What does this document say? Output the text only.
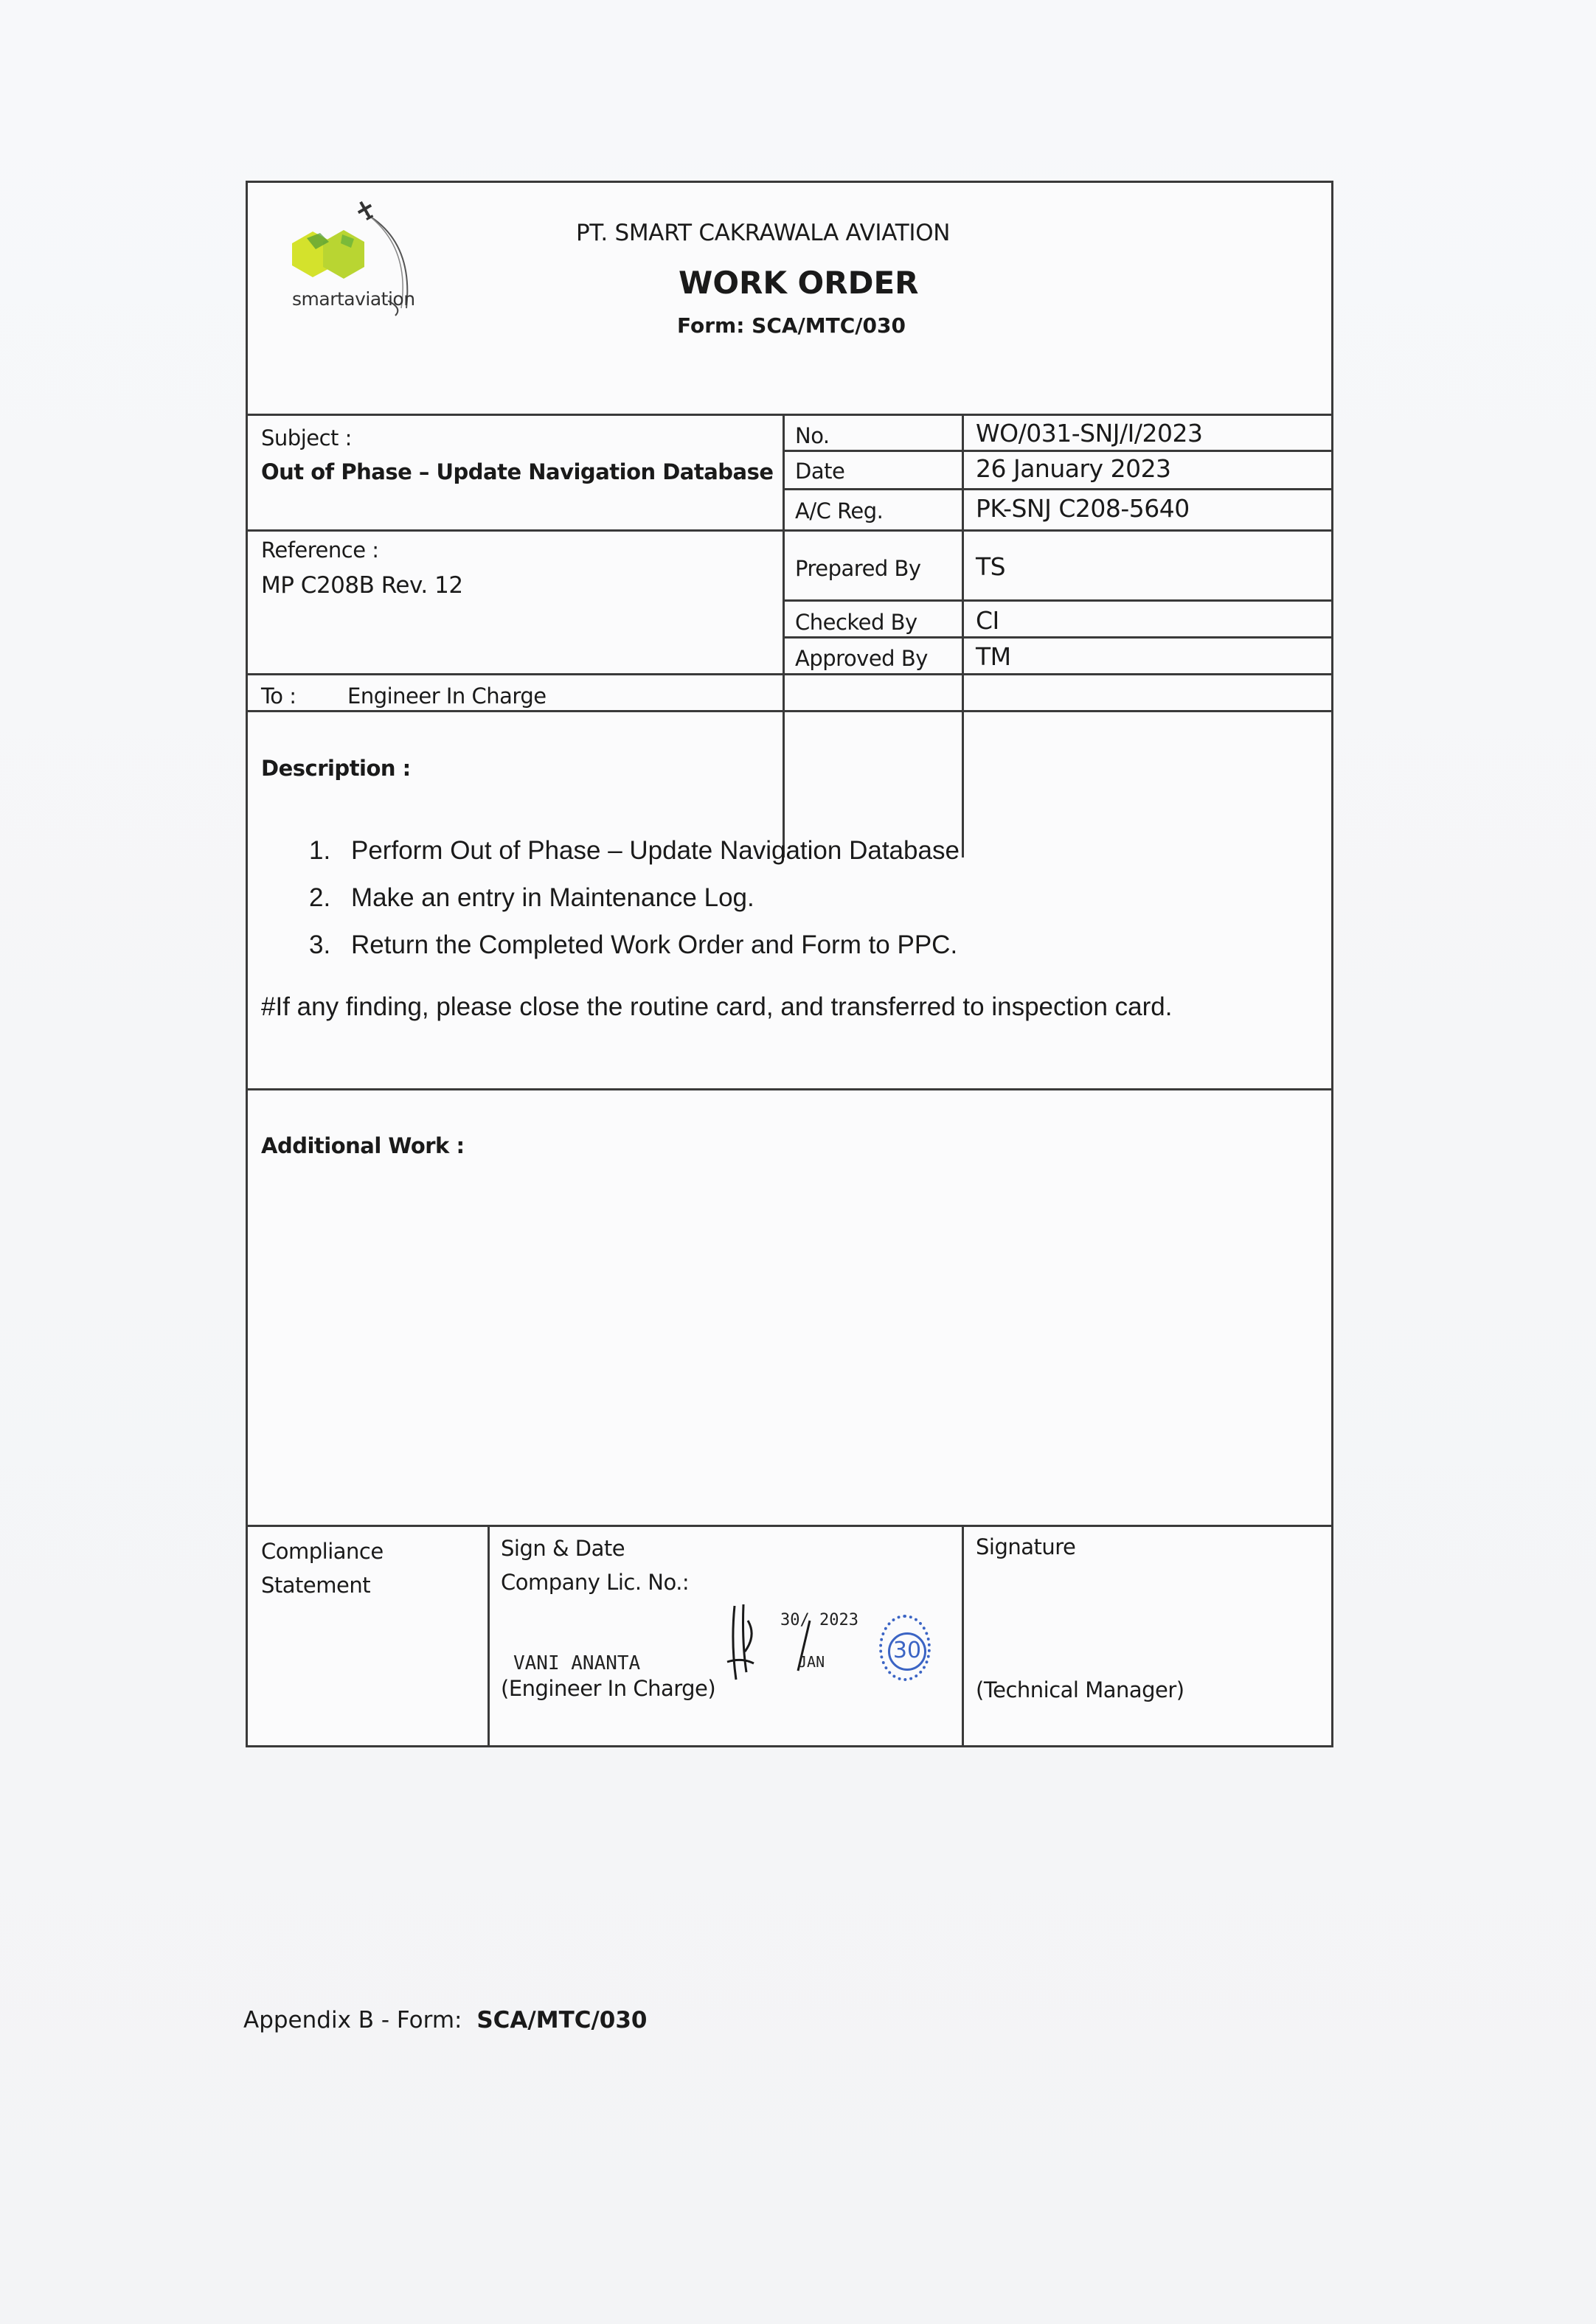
smartaviation
PT. SMART CAKRAWALA AVIATION
WORK ORDER
Form: SCA/MTC/030
Subject :
Out of Phase – Update Navigation Database
No.	WO/031-SNJ/I/2023
Date	26 January 2023
A/C Reg.	PK-SNJ C208-5640
Reference :
MP C208B Rev. 12
Prepared By TS
Checked By CI
Approved By TM
To : Engineer In Charge
Description :
1. Perform Out of Phase – Update Navigation Database
2. Make an entry in Maintenance Log.
3. Return the Completed Work Order and Form to PPC.
#If any finding, please close the routine card, and transferred to inspection card.
Additional Work :
Compliance
Statement
Sign & Date
Company Lic. No.:
VANI ANANTA
(Engineer In Charge)
30/ 2023
JAN	30
Signature
(Technical Manager)
Appendix B - Form: SCA/MTC/030
